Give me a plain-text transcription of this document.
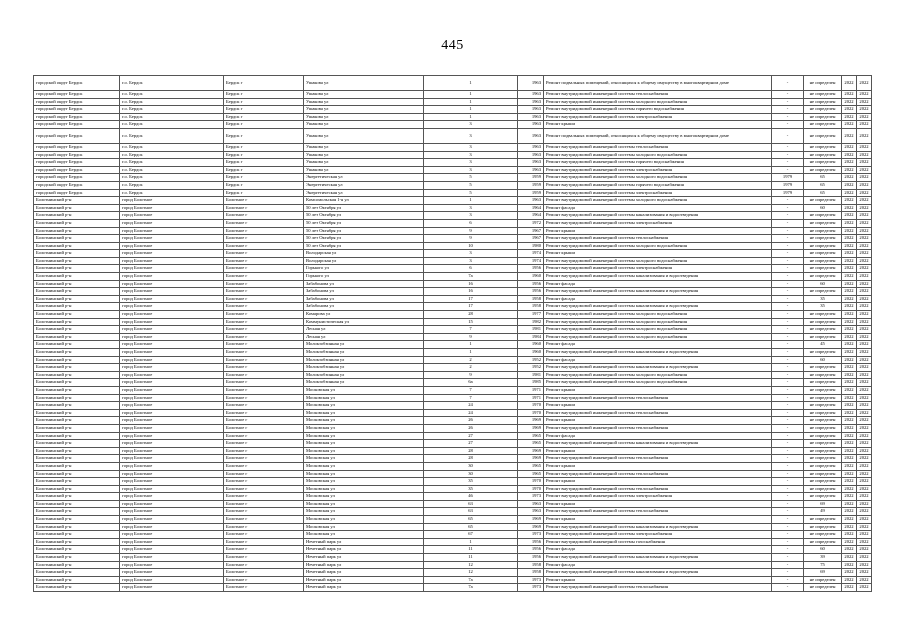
445
городской округ Бердск	г.о. Бердск	Бердск г	Ушакова ул	1	1963	Ремонт подвальных помещений, относящихся к общему имуществу в многоквартирном доме	-	не определен	2022	2022
городской округ Бердск	г.о. Бердск	Бердск г	Ушакова ул	1	1963	Ремонт внутридомовой инженерной системы теплоснабжения	-	не определен	2022	2022
городской округ Бердск	г.о. Бердск	Бердск г	Ушакова ул	1	1963	Ремонт внутридомовой инженерной системы холодного водоснабжения	-	не определен	2022	2022
городской округ Бердск	г.о. Бердск	Бердск г	Ушакова ул	1	1963	Ремонт внутридомовой инженерной системы горячего водоснабжения	-	не определен	2022	2022
городской округ Бердск	г.о. Бердск	Бердск г	Ушакова ул	1	1963	Ремонт внутридомовой инженерной системы электроснабжения	-	не определен	2022	2022
городской округ Бердск	г.о. Бердск	Бердск г	Ушакова ул	3	1963	Ремонт крыши	-	не определен	2022	2022
городской округ Бердск	г.о. Бердск	Бердск г	Ушакова ул	3	1963	Ремонт подвальных помещений, относящихся к общему имуществу в многоквартирном доме	-	не определен	2022	2022
городской округ Бердск	г.о. Бердск	Бердск г	Ушакова ул	3	1963	Ремонт внутридомовой инженерной системы теплоснабжения	-	не определен	2022	2022
городской округ Бердск	г.о. Бердск	Бердск г	Ушакова ул	3	1963	Ремонт внутридомовой инженерной системы холодного водоснабжения	-	не определен	2022	2022
городской округ Бердск	г.о. Бердск	Бердск г	Ушакова ул	3	1963	Ремонт внутридомовой инженерной системы горячего водоснабжения	-	не определен	2022	2022
городской округ Бердск	г.о. Бердск	Бердск г	Ушакова ул	3	1963	Ремонт внутридомовой инженерной системы электроснабжения	-	не определен	2022	2022
городской округ Бердск	г.о. Бердск	Бердск г	Энергетическая ул	5	1959	Ремонт внутридомовой инженерной системы холодного водоснабжения	1979	65	2022	2022
городской округ Бердск	г.о. Бердск	Бердск г	Энергетическая ул	5	1959	Ремонт внутридомовой инженерной системы горячего водоснабжения	1979	65	2022	2022
городской округ Бердск	г.о. Бердск	Бердск г	Энергетическая ул	5	1959	Ремонт внутридомовой инженерной системы электроснабжения	1979	65	2022	2022
Болотнинский р-н	город Болотное	Болотное г	Комсомольская 1-я ул	1	1963	Ремонт внутридомовой инженерной системы холодного водоснабжения	-	не определен	2022	2022
Болотнинский р-н	город Болотное	Болотное г	50 лет Октября ул	3	1964	Ремонт фасада	-	60	2022	2022
Болотнинский р-н	город Болотное	Болотное г	50 лет Октября ул	3	1964	Ремонт внутридомовой инженерной системы канализования и водоотведения	-	не определен	2022	2022
Болотнинский р-н	город Болотное	Болотное г	50 лет Октября ул	6	1972	Ремонт внутридомовой инженерной системы электроснабжения	-	не определен	2022	2022
Болотнинский р-н	город Болотное	Болотное г	50 лет Октября ул	9	1967	Ремонт крыши	-	не определен	2022	2022
Болотнинский р-н	город Болотное	Болотное г	50 лет Октября ул	9	1967	Ремонт внутридомовой инженерной системы теплоснабжения	-	не определен	2022	2022
Болотнинский р-н	город Болотное	Болотное г	50 лет Октября ул	10	1980	Ремонт внутридомовой инженерной системы холодного водоснабжения	-	не определен	2022	2022
Болотнинский р-н	город Болотное	Болотное г	Володарская ул	3	1974	Ремонт крыши	-	не определен	2022	2022
Болотнинский р-н	город Болотное	Болотное г	Володарская ул	3	1974	Ремонт внутридомовой инженерной системы холодного водоснабжения	-	не определен	2022	2022
Болотнинский р-н	город Болотное	Болотное г	Горького ул	6	1956	Ремонт внутридомовой инженерной системы электроснабжения	-	не определен	2022	2022
Болотнинский р-н	город Болотное	Болотное г	Горького ул	7а	1960	Ремонт внутридомовой инженерной системы канализования и водоотведения	-	не определен	2022	2022
Болотнинский р-н	город Болотное	Болотное г	Забабонова ул	16	1956	Ремонт фасада	-	60	2022	2022
Болотнинский р-н	город Болотное	Болотное г	Забабонова ул	16	1956	Ремонт внутридомовой инженерной системы канализования и водоотведения	-	не определен	2022	2022
Болотнинский р-н	город Болотное	Болотное г	Забабонова ул	17	1958	Ремонт фасада	-	35	2022	2022
Болотнинский р-н	город Болотное	Болотное г	Забабонова ул	17	1958	Ремонт внутридомовой инженерной системы канализования и водоотведения	-	35	2022	2022
Болотнинский р-н	город Болотное	Болотное г	Комарова ул	28	1977	Ремонт внутридомовой инженерной системы холодного водоснабжения	-	не определен	2022	2022
Болотнинский р-н	город Болотное	Болотное г	Коммунистическая ул	15	1982	Ремонт внутридомовой инженерной системы холодного водоснабжения	-	не определен	2022	2022
Болотнинский р-н	город Болотное	Болотное г	Лесная ул	7	1981	Ремонт внутридомовой инженерной системы холодного водоснабжения	-	не определен	2022	2022
Болотнинский р-н	город Болотное	Болотное г	Лесная ул	9	1984	Ремонт внутридомовой инженерной системы холодного водоснабжения	-	не определен	2022	2022
Болотнинский р-н	город Болотное	Болотное г	Молокзобзинная ул	1	1960	Ремонт фасада	-	45	2022	2022
Болотнинский р-н	город Болотное	Болотное г	Молокзобзинная ул	1	1960	Ремонт внутридомовой инженерной системы канализования и водоотведения	-	не определен	2022	2022
Болотнинский р-н	город Болотное	Болотное г	Молокзобзинная ул	2	1952	Ремонт фасада	-	60	2022	2022
Болотнинский р-н	город Болотное	Болотное г	Молокзобзинная ул	2	1952	Ремонт внутридомовой инженерной системы канализования и водоотведения	-	не определен	2022	2022
Болотнинский р-н	город Болотное	Болотное г	Молокзобзинная ул	9	1981	Ремонт внутридомовой инженерной системы холодного водоснабжения	-	не определен	2022	2022
Болотнинский р-н	город Болотное	Болотное г	Молокзобзинная ул	6а	1985	Ремонт внутридомовой инженерной системы холодного водоснабжения	-	не определен	2022	2022
Болотнинский р-н	город Болотное	Болотное г	Московская ул	7	1971	Ремонт крыши	-	не определен	2022	2022
Болотнинский р-н	город Болотное	Болотное г	Московская ул	7	1971	Ремонт внутридомовой инженерной системы теплоснабжения	-	не определен	2022	2022
Болотнинский р-н	город Болотное	Болотное г	Московская ул	24	1970	Ремонт крыши	-	не определен	2022	2022
Болотнинский р-н	город Болотное	Болотное г	Московская ул	24	1970	Ремонт внутридомовой инженерной системы теплоснабжения	-	не определен	2022	2022
Болотнинский р-н	город Болотное	Болотное г	Московская ул	26	1969	Ремонт крыши	-	не определен	2022	2022
Болотнинский р-н	город Болотное	Болотное г	Московская ул	26	1969	Ремонт внутридомовой инженерной системы теплоснабжения	-	не определен	2022	2022
Болотнинский р-н	город Болотное	Болотное г	Московская ул	27	1965	Ремонт фасада	-	не определен	2022	2022
Болотнинский р-н	город Болотное	Болотное г	Московская ул	27	1965	Ремонт внутридомовой инженерной системы канализования и водоотведения	-	не определен	2022	2022
Болотнинский р-н	город Болотное	Болотное г	Московская ул	28	1969	Ремонт крыши	-	не определен	2022	2022
Болотнинский р-н	город Болотное	Болотное г	Московская ул	28	1969	Ремонт внутридомовой инженерной системы теплоснабжения	-	не определен	2022	2022
Болотнинский р-н	город Болотное	Болотное г	Московская ул	30	1965	Ремонт крыши	-	не определен	2022	2022
Болотнинский р-н	город Болотное	Болотное г	Московская ул	30	1965	Ремонт внутридомовой инженерной системы теплоснабжения	-	не определен	2022	2022
Болотнинский р-н	город Болотное	Болотное г	Московская ул	35	1970	Ремонт крыши	-	не определен	2022	2022
Болотнинский р-н	город Болотное	Болотное г	Московская ул	35	1970	Ремонт внутридомовой инженерной системы теплоснабжения	-	не определен	2022	2022
Болотнинский р-н	город Болотное	Болотное г	Московская ул	46	1973	Ремонт внутридомовой инженерной системы электроснабжения	-	не определен	2022	2022
Болотнинский р-н	город Болотное	Болотное г	Московская ул	63	1963	Ремонт крыши	-	69	2022	2022
Болотнинский р-н	город Болотное	Болотное г	Московская ул	63	1963	Ремонт внутридомовой инженерной системы теплоснабжения	-	49	2022	2022
Болотнинский р-н	город Болотное	Болотное г	Московская ул	65	1969	Ремонт крыши	-	не определен	2022	2022
Болотнинский р-н	город Болотное	Болотное г	Московская ул	65	1969	Ремонт внутридомовой инженерной системы канализования и водоотведения	-	не определен	2022	2022
Болотнинский р-н	город Болотное	Болотное г	Московская ул	67	1973	Ремонт внутридомовой инженерной системы электроснабжения	-	не определен	2022	2022
Болотнинский р-н	город Болотное	Болотное г	Нечетный парк ул	1	1956	Ремонт внутридомовой инженерной системы газоснабжения	-	не определен	2022	2022
Болотнинский р-н	город Болотное	Болотное г	Нечетный парк ул	11	1956	Ремонт фасада	-	60	2022	2022
Болотнинский р-н	город Болотное	Болотное г	Нечетный парк ул	11	1956	Ремонт внутридомовой инженерной системы канализования и водоотведения	-	39	2022	2022
Болотнинский р-н	город Болотное	Болотное г	Нечетный парк ул	12	1958	Ремонт фасада	-	75	2022	2022
Болотнинский р-н	город Болотное	Болотное г	Нечетный парк ул	12	1958	Ремонт внутридомовой инженерной системы канализования и водоотведения	-	69	2022	2022
Болотнинский р-н	город Болотное	Болотное г	Нечетный парк ул	7а	1973	Ремонт крыши	-	не определен	2022	2022
Болотнинский р-н	город Болотное	Болотное г	Нечетный парк ул	7а	1973	Ремонт внутридомовой инженерной системы теплоснабжения	-	не определен	2022	2022
